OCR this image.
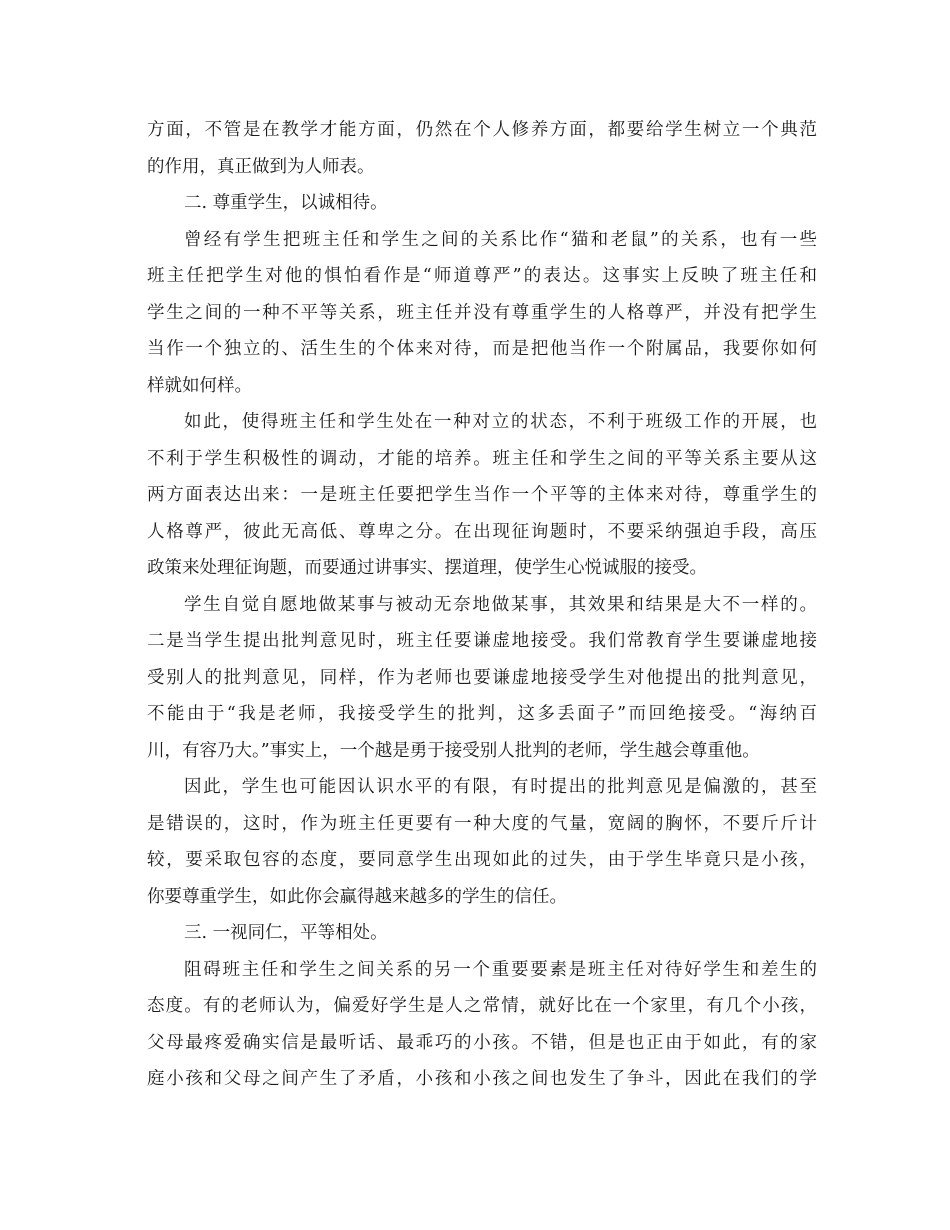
方面，不管是在教学才能方面，仍然在个人修养方面，都要给学生树立一个典范
的作用，真正做到为人师表。
二. 尊重学生，以诚相待。
曾经有学生把班主任和学生之间的关系比作“猫和老鼠”的关系，也有一些
班主任把学生对他的惧怕看作是“师道尊严”的表达。这事实上反映了班主任和
学生之间的一种不平等关系，班主任并没有尊重学生的人格尊严，并没有把学生
当作一个独立的、活生生的个体来对待，而是把他当作一个附属品，我要你如何
样就如何样。
如此，使得班主任和学生处在一种对立的状态，不利于班级工作的开展，也
不利于学生积极性的调动，才能的培养。班主任和学生之间的平等关系主要从这
两方面表达出来：一是班主任要把学生当作一个平等的主体来对待，尊重学生的
人格尊严，彼此无高低、尊卑之分。在出现征询题时，不要采纳强迫手段，高压
政策来处理征询题，而要通过讲事实、摆道理，使学生心悦诚服的接受。
学生自觉自愿地做某事与被动无奈地做某事，其效果和结果是大不一样的。
二是当学生提出批判意见时，班主任要谦虚地接受。我们常教育学生要谦虚地接
受别人的批判意见，同样，作为老师也要谦虚地接受学生对他提出的批判意见，
不能由于“我是老师，我接受学生的批判，这多丢面子”而回绝接受。“海纳百
川，有容乃大。”事实上，一个越是勇于接受别人批判的老师，学生越会尊重他。
因此，学生也可能因认识水平的有限，有时提出的批判意见是偏激的，甚至
是错误的，这时，作为班主任更要有一种大度的气量，宽阔的胸怀，不要斤斤计
较，要采取包容的态度，要同意学生出现如此的过失，由于学生毕竟只是小孩，
你要尊重学生，如此你会赢得越来越多的学生的信任。
三. 一视同仁，平等相处。
阻碍班主任和学生之间关系的另一个重要要素是班主任对待好学生和差生的
态度。有的老师认为，偏爱好学生是人之常情，就好比在一个家里，有几个小孩，
父母最疼爱确实信是最听话、最乖巧的小孩。不错，但是也正由于如此，有的家
庭小孩和父母之间产生了矛盾，小孩和小孩之间也发生了争斗，因此在我们的学
